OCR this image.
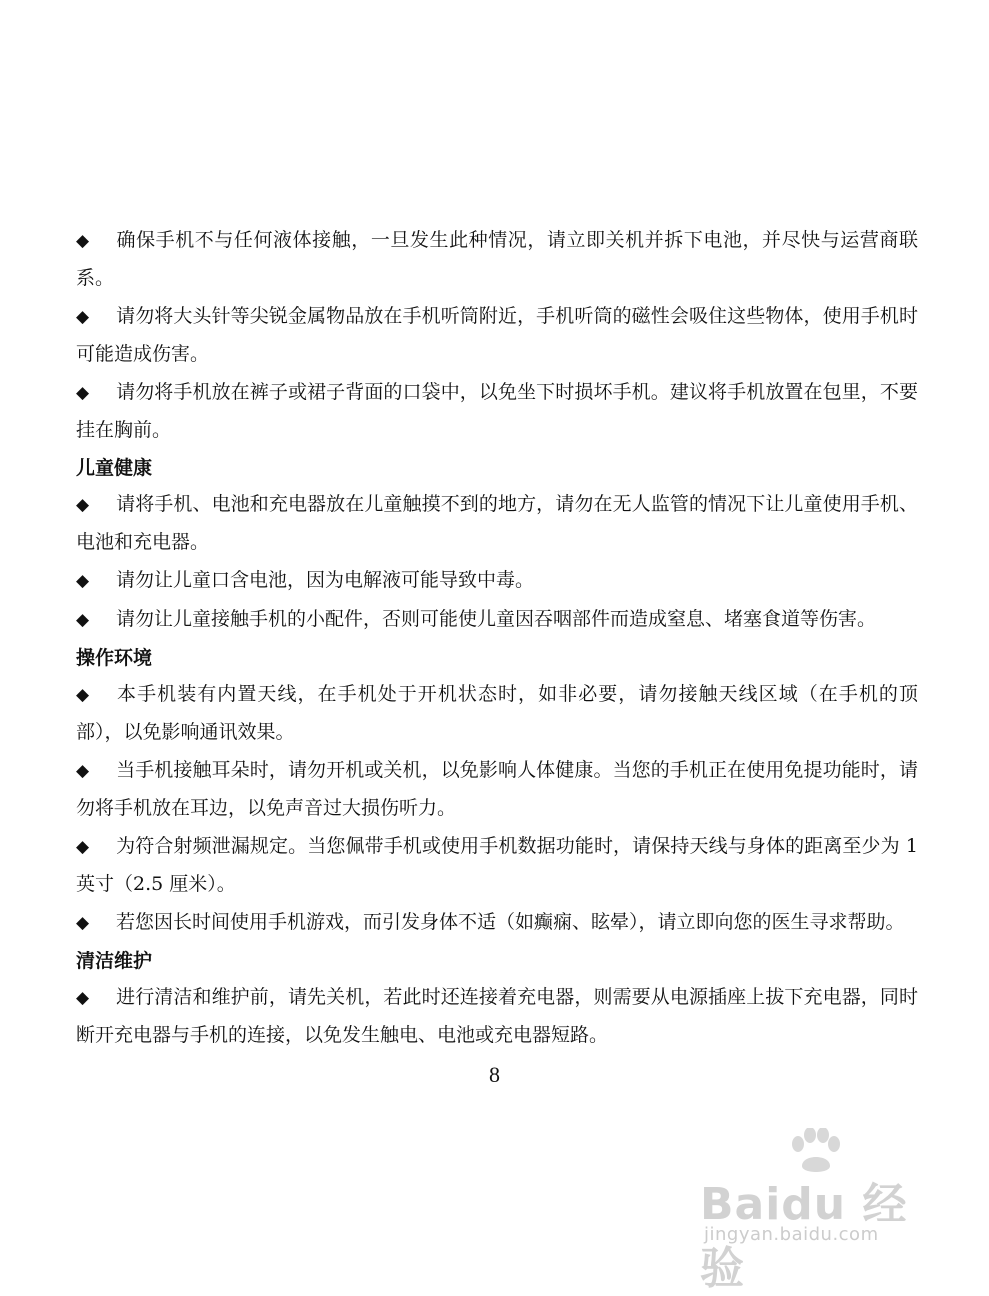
◆ 确保手机不与任何液体接触，一旦发生此种情况，请立即关机并拆下电池，并尽快与运营商联系。
◆ 请勿将大头针等尖锐金属物品放在手机听筒附近，手机听筒的磁性会吸住这些物体，使用手机时可能造成伤害。
◆ 请勿将手机放在裤子或裙子背面的口袋中，以免坐下时损坏手机。建议将手机放置在包里，不要挂在胸前。
儿童健康
◆ 请将手机、电池和充电器放在儿童触摸不到的地方，请勿在无人监管的情况下让儿童使用手机、电池和充电器。
◆ 请勿让儿童口含电池，因为电解液可能导致中毒。
◆ 请勿让儿童接触手机的小配件，否则可能使儿童因吞咽部件而造成窒息、堵塞食道等伤害。
操作环境
◆ 本手机装有内置天线，在手机处于开机状态时，如非必要，请勿接触天线区域（在手机的顶部），以免影响通讯效果。
◆ 当手机接触耳朵时，请勿开机或关机，以免影响人体健康。当您的手机正在使用免提功能时，请勿将手机放在耳边，以免声音过大损伤听力。
◆ 为符合射频泄漏规定。当您佩带手机或使用手机数据功能时，请保持天线与身体的距离至少为 1 英寸（2.5 厘米）。
◆ 若您因长时间使用手机游戏，而引发身体不适（如癫痫、眩晕），请立即向您的医生寻求帮助。
清洁维护
◆ 进行清洁和维护前，请先关机，若此时还连接着充电器，则需要从电源插座上拔下充电器，同时断开充电器与手机的连接，以免发生触电、电池或充电器短路。
8
Baidu 经验
jingyan.baidu.com
